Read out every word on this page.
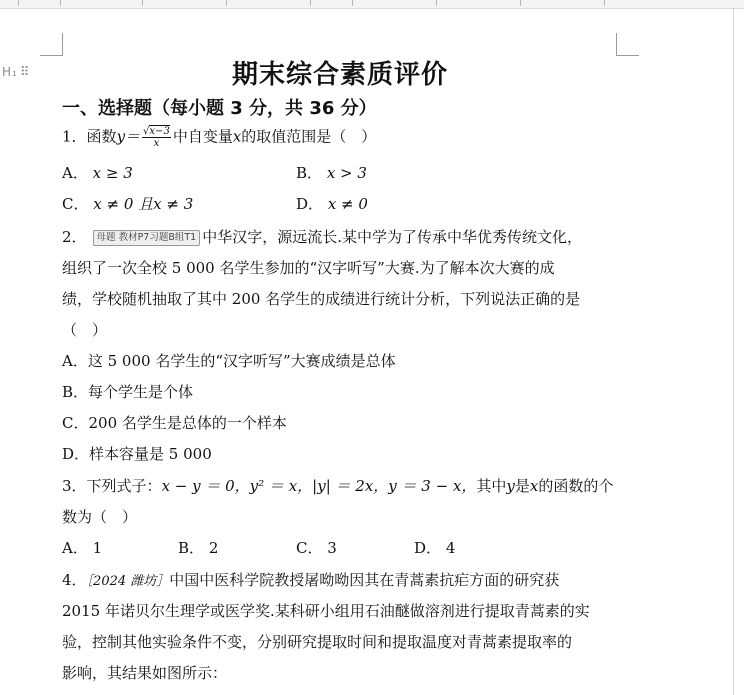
H₁ ⠿	期末综合素质评价
一、选择题（每小题 3 分，共 36 分）
1．函数$y= \frac{√x-3}{x}$ 中自变量x的取值范围是（　）
A． x ≥ 3	B． x > 3
C． x ≠ 0 且x ≠ 3	D． x ≠ 0
2． 母题 教材P7习题B组T1 中华汉字，源远流长.某中学为了传承中华优秀传统文化，
组织了一次全校 5 000 名学生参加的“汉字听写”大赛.为了解本次大赛的成
绩，学校随机抽取了其中 200 名学生的成绩进行统计分析，下列说法正确的是
（　）
A．这 5 000 名学生的“汉字听写”大赛成绩是总体
B．每个学生是个体
C．200 名学生是总体的一个样本
D．样本容量是 5 000
3．下列式子：x − y ＝ 0，y² ＝ x，|y| ＝ 2x，y ＝ 3 − x，其中y是x的函数的个
数为（　）
A． 1	B． 2	C． 3	D． 4
4．［2024 潍坊］中国中医科学院教授屠呦呦因其在青蒿素抗疟方面的研究获
2015 年诺贝尔生理学或医学奖.某科研小组用石油醚做溶剂进行提取青蒿素的实
验，控制其他实验条件不变，分别研究提取时间和提取温度对青蒿素提取率的
影响，其结果如图所示：
